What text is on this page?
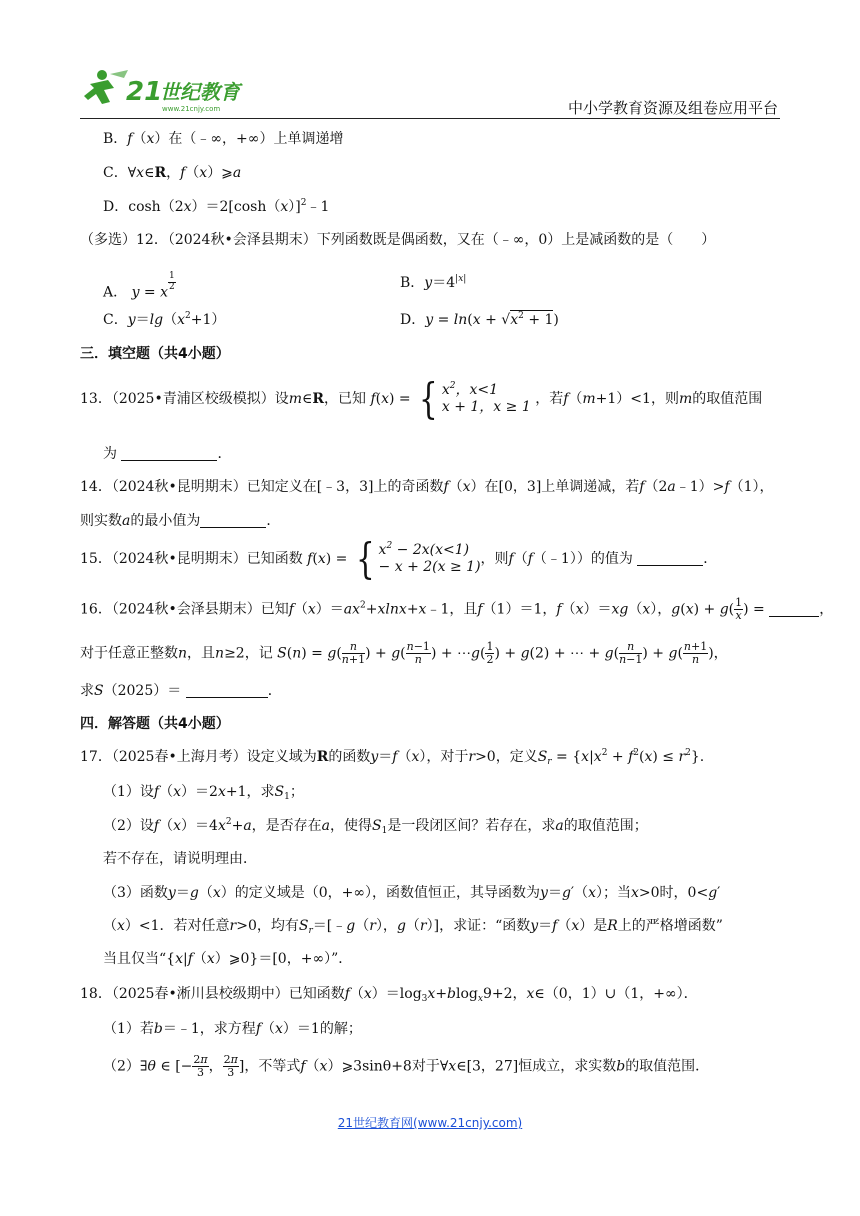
21
世纪教育
www.21cnjy.com	中小学教育资源及组卷应用平台
B．f（x）在（﹣∞，+∞）上单调递增
C．∀x∈R，f（x）⩾a
D．$\cosh(2x)=2[\cosh(x)]^2﹣1$
（多选）12．（2024秋•会泽县期末）下列函数既是偶函数，又在（﹣∞，0）上是减函数的是（　　）
A． y = x $\frac{1}{2}$	B．$y=4^{|x|}$
C．$y=\lg(x^2+1)$	D．$y = \ln(x + √x^2 + 1)$
三．填空题（共4小题）
13．（2025•青浦区校级模拟）设m∈R，已知 f(x) = { $x^2$，x<1
x + 1，x ≥ 1 ，若f（m+1）<1，则m的取值范围
为	．
14．（2024秋•昆明期末）已知定义在[﹣3，3]上的奇函数f（x）在[0，3]上单调递减，若f（2a﹣1）>f（1），
则实数a的最小值为	．
15．（2024秋•昆明期末）已知函数 f(x) = { $x^2 - 2x(x<1)$
− x + 2(x ≥ 1) ，则f（f（﹣1））的值为	．
16．（2024秋•会泽县期末）已知$f(x)=ax^2+xlnx+x﹣1$，且f（1）＝1，f（x）＝xg（x），$g(x) + g( \frac{1}{x}$ ) =	，
对于任意正整数n，且n≥2，记 $S(n) = g( \frac{n}{n+1}$ ) + $g( \frac{n-1}{n}$ ) + ⋯g( $\frac{1}{2}$ ) + g(2) + ⋯ + $g( \frac{n}{n-1}$ ) + $g( \frac{n+1}{n}$ )，
求S（2025）＝	．
四．解答题（共4小题）
17．（2025春•上海月考）设定义域为R的函数y＝f（x），对于r>0，定义$S_r = \{x|x^2 + f^2(x) \le r^2\}$.
（1）设f（x）＝2x+1，求$S_1$；
（2）设$f(x)=4x^2+a$，是否存在a，使得$S_1$是一段闭区间？若存在，求a的取值范围；
若不存在，请说明理由．
（3）函数y＝g（x）的定义域是（0，+∞），函数值恒正，其导函数为y＝g′（x）；当x>0时，0<g′
（x）<1．若对任意r>0，均有$S_r=[﹣g(r)$，g（r）]，求证：“函数y＝f（x）是R上的严格增函数”
当且仅当“{x|f（x）⩾0}＝[0，+∞）”．
18．（2025春•淅川县校级期中）已知函数$f(x)=\log_3x+blog_x9+2$，x∈（0，1）∪（1，+∞）．
（1）若b＝﹣1，求方程f（x）＝1的解；
（2）∃θ ∈ [− $\frac{2\pi}{3}$ ， $\frac{2\pi}{3}$ ]，不等式f（x）⩾3sinθ+8对于∀x∈[3，27]恒成立，求实数b的取值范围．
21世纪教育网(www.21cnjy.com)
